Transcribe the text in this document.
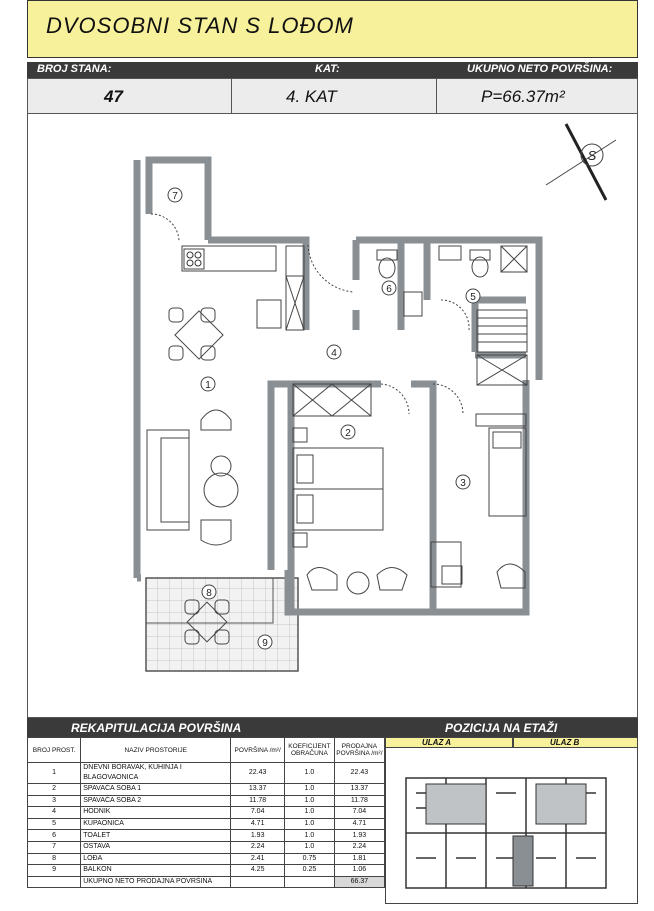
DVOSOBNI STAN S LOĐOM
BROJ STANA:	KAT:	UKUPNO NETO POVRŠINA:
47	4. KAT	P=66.37m²
1
2
3
4
5
6
7
8
9
S
REKAPITULACIJA POVRŠINA	POZICIJA NA ETAŽI
BROJ PROST.	NAZIV PROSTORIJE	POVRŠINA /m²/	KOEFICIJENT OBRAČUNA	PRODAJNA POVRŠINA /m²/
1	DNEVNI BORAVAK, KUHINJA I BLAGOVAONICA	22.43	1.0	22.43
2	SPAVAĆA SOBA 1	13.37	1.0	13.37
3	SPAVAĆA SOBA 2	11.78	1.0	11.78
4	HODNIK	7.04	1.0	7.04
5	KUPAONICA	4.71	1.0	4.71
6	TOALET	1.93	1.0	1.93
7	OSTAVA	2.24	1.0	2.24
8	LOĐA	2.41	0.75	1.81
9	BALKON	4.25	0.25	1.06
	UKUPNO NETO PRODAJNA POVRŠINA			66.37
ULAZ A	ULAZ B
